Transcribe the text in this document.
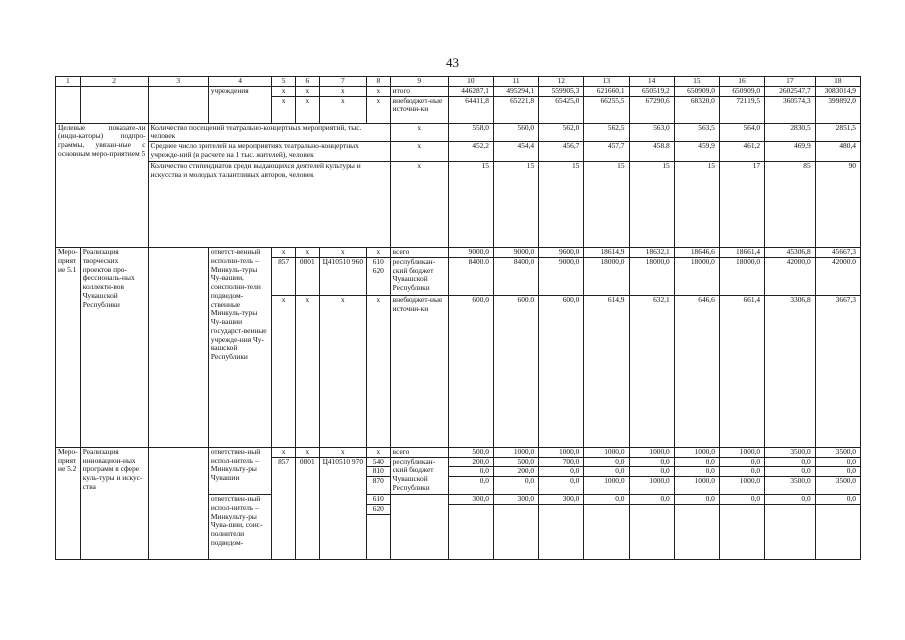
43
1	2	3	4	5	6	7	8	9	10	11	12	13	14	15	16	17	18
			учреждения	x	x	x	x	итого	446287,1	495294,1	559905,3	621660,1	650519,2	650909,0	650909,0	2602547,7	3083014,9
				x	x	x	x	внебюджет-ные источни-ки	64411,8	65221,8	65425,0	66255,5	67290,6	68320,0	72119,5	360574,3	399892,0
Целевые показате-ли (инди-каторы) подпро-граммы, увязан-ные с основным меро-приятием 5		Количество посещений театрально-концертных мероприятий, тыс. человек						х	558,0	560,0	562,0	562,5	563,0	563,5	564,0	2830,5	2851,5
		Среднее число зрителей на мероприятиях театрально-концертных учрежде-ний (в расчете на 1 тыс. жителей), человек						х	452,2	454,4	456,7	457,7	458.8	459,9	461,2	469,9	480,4
		Количество стипендиатов среди выдающихся деятелей культуры и искусства и молодых талантливых авторов, человек						х	15	15	15	15	15	15	17	85	90
Меро-приятие 5.1	Реализация творческих проектов про-фессиональ-ных коллекти-вов Чувашской Республики		ответст-венный исполни-тель – Минкуль-туры Чу-вашии, соисполни-тели подведом-ственные Минкуль-туры Чу-вашии государст-венные учрежде-ния Чу-вашской Республики	x	x	x	x	всего	9000,0	9000,0	9600,0	18614,9	18632,1	18646,6	18661,4	45306,8	45667,3
				857	0801	Ц410510 960	610 620	республикан-ский бюджет Чувашской Республики	8400.0	8400,0	9000,0	18000,0	18000,0	18000,0	18000,0	42000,0	42000.0
				x	x	x	x	внебюджет-ные источни-ки	600,0	600.0	600,0	614,9	632,1	646,6	661,4	3306,8	3667,3
Меро-приятие 5.2	Реализация инновацион-ных программ в сфере куль-туры и искус-ства		ответствен-ный испол-нитель – Минкульту-ры Чувашии	x	x	x	x	всего	500,0	1000,0	1000,0	1000,0	1000,0	1000,0	1000,0	3500,0	3500,0
				857	0801	Ц410510 970	540	республикан-ский бюджет Чувашской Республики	200,0	500,0	700,0	0,0	0,0	0,0	0,0	0,0	0,0
							810		0,0	200,0	0,0	0,0	0,0	0,0	0,0	0,0	0,0
							870		0,0	0,0	0,0	1000,0	1000,0	1000,0	1000,0	3500,0	3500,0
			ответствен-ный испол-нитель – Минкульту-ры Чува-шии, соис-полнители подведом-				610		300,0	300,0	300,0	0,0	0,0	0,0	0,0	0,0	0,0
							620										
